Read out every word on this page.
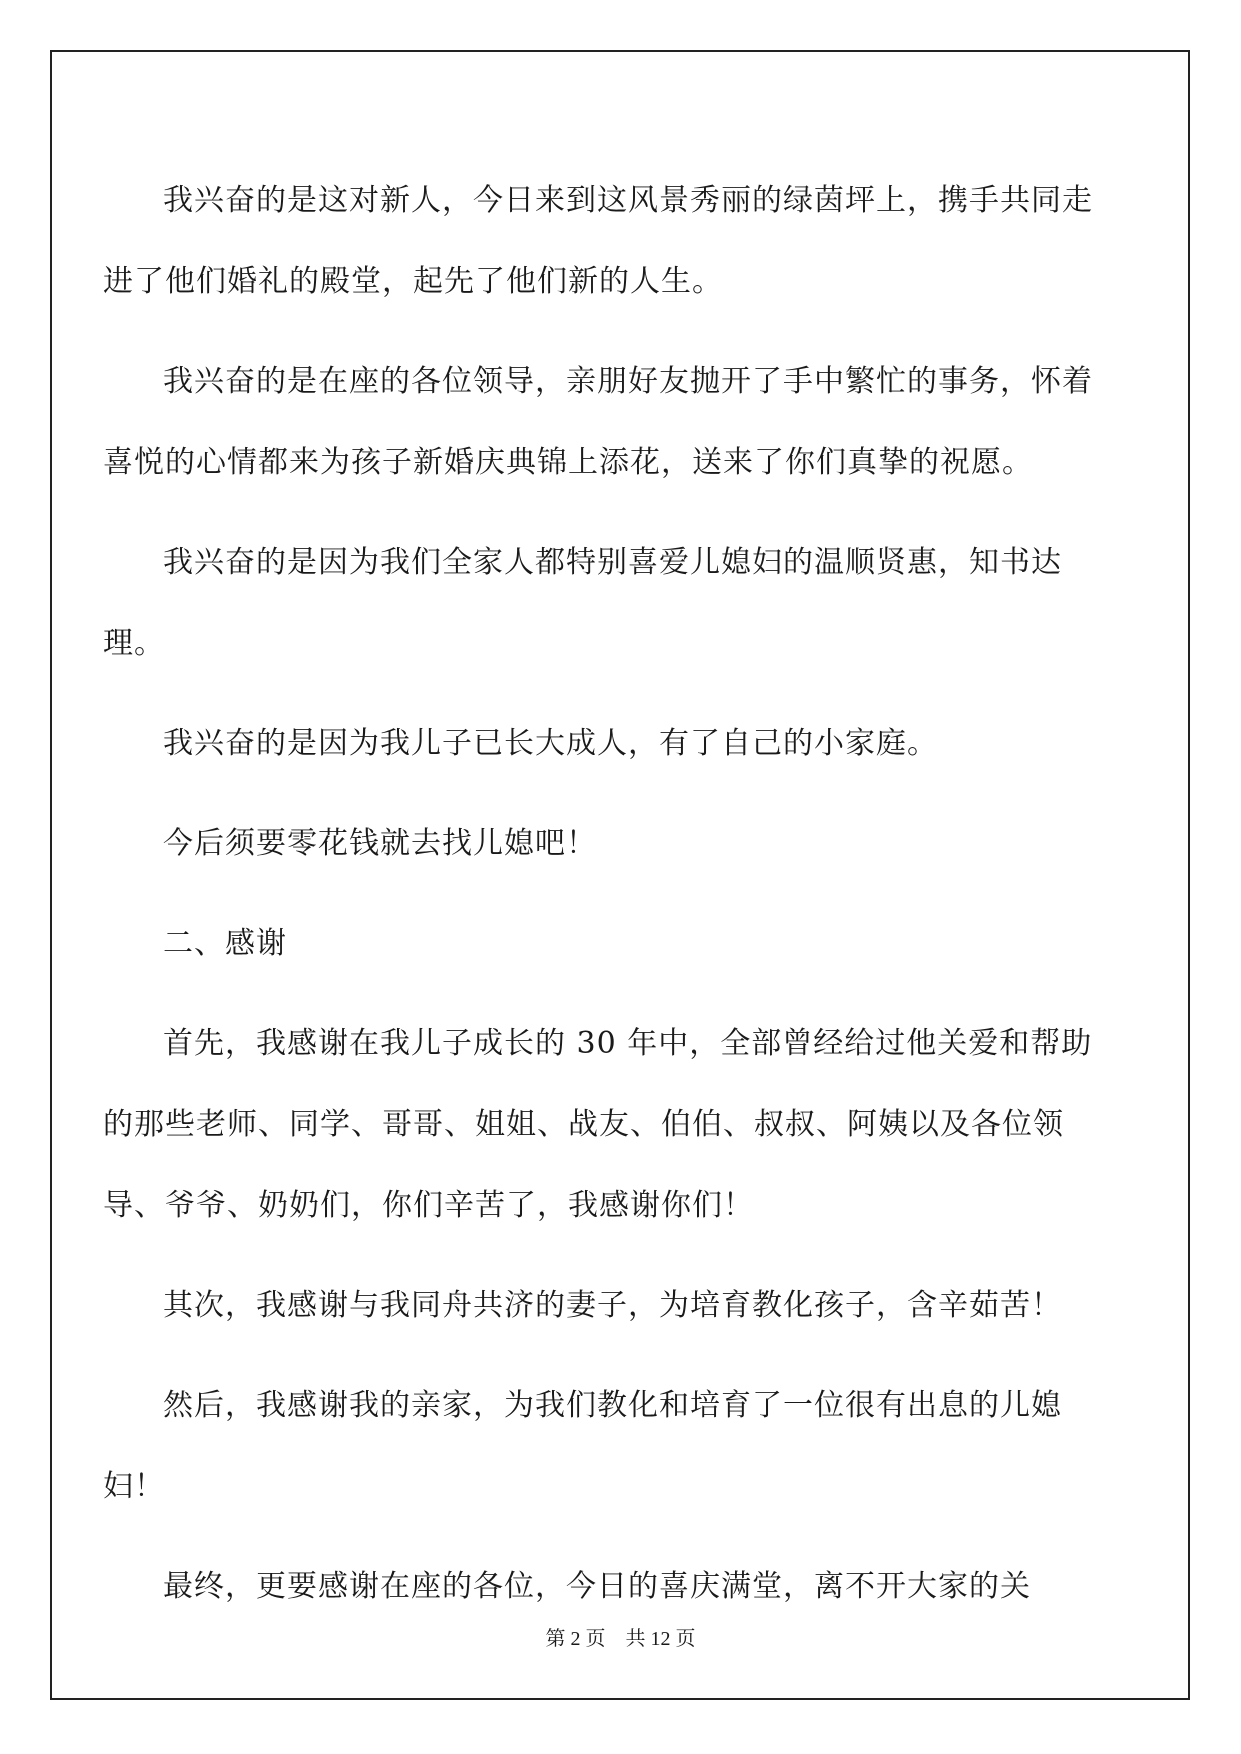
我兴奋的是这对新人，今日来到这风景秀丽的绿茵坪上，携手共同走进了他们婚礼的殿堂，起先了他们新的人生。

我兴奋的是在座的各位领导，亲朋好友抛开了手中繁忙的事务，怀着喜悦的心情都来为孩子新婚庆典锦上添花，送来了你们真挚的祝愿。

我兴奋的是因为我们全家人都特别喜爱儿媳妇的温顺贤惠，知书达理。

我兴奋的是因为我儿子已长大成人，有了自己的小家庭。

今后须要零花钱就去找儿媳吧！

二、感谢

首先，我感谢在我儿子成长的 30 年中，全部曾经给过他关爱和帮助的那些老师、同学、哥哥、姐姐、战友、伯伯、叔叔、阿姨以及各位领导、爷爷、奶奶们，你们辛苦了，我感谢你们！

其次，我感谢与我同舟共济的妻子，为培育教化孩子，含辛茹苦！

然后，我感谢我的亲家，为我们教化和培育了一位很有出息的儿媳妇！

最终，更要感谢在座的各位，今日的喜庆满堂，离不开大家的关

第 2 页　共 12 页
